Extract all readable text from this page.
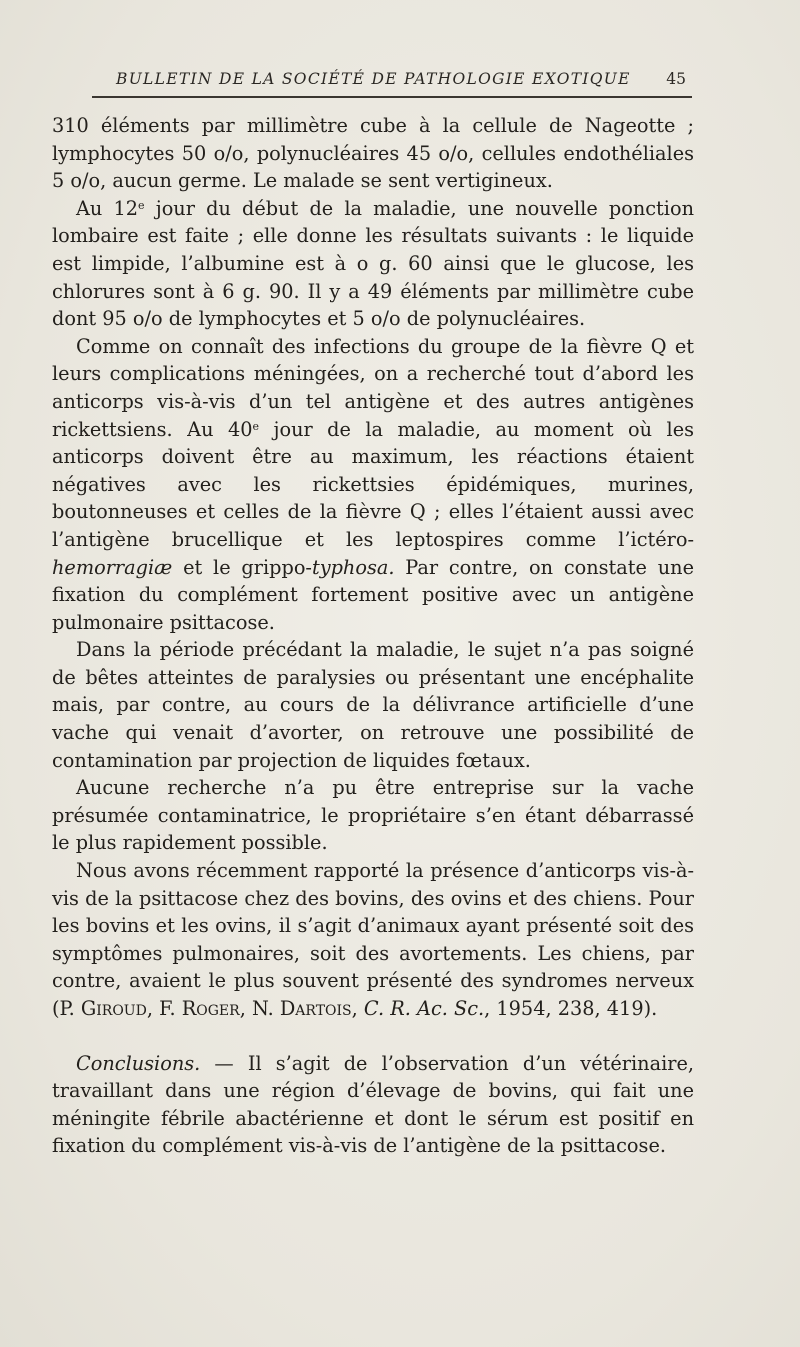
BULLETIN DE LA SOCIÉTÉ DE PATHOLOGIE EXOTIQUE 45

310 éléments par millimètre cube à la cellule de Nageotte ; lymphocytes 50 o/o, polynucléaires 45 o/o, cellules endothéliales 5 o/o, aucun germe. Le malade se sent vertigineux.

Au 12e jour du début de la maladie, une nouvelle ponction lombaire est faite ; elle donne les résultats suivants : le liquide est limpide, l’albumine est à o g. 60 ainsi que le glucose, les chlorures sont à 6 g. 90. Il y a 49 éléments par millimètre cube dont 95 o/o de lymphocytes et 5 o/o de polynucléaires.

Comme on connaît des infections du groupe de la fièvre Q et leurs complications méningées, on a recherché tout d’abord les anticorps vis-à-vis d’un tel antigène et des autres antigènes rickettsiens. Au 40e jour de la maladie, au moment où les anticorps doivent être au maximum, les réactions étaient négatives avec les rickettsies épidémiques, murines, boutonneuses et celles de la fièvre Q ; elles l’étaient aussi avec l’antigène brucellique et les leptospires comme l’ictéro-hemorragiæ et le grippo-typhosa. Par contre, on constate une fixation du complément fortement positive avec un antigène pulmonaire psittacose.

Dans la période précédant la maladie, le sujet n’a pas soigné de bêtes atteintes de paralysies ou présentant une encéphalite mais, par contre, au cours de la délivrance artificielle d’une vache qui venait d’avorter, on retrouve une possibilité de contamination par projection de liquides fœtaux.

Aucune recherche n’a pu être entreprise sur la vache présumée contaminatrice, le propriétaire s’en étant débarrassé le plus rapidement possible.

Nous avons récemment rapporté la présence d’anticorps vis-à-vis de la psittacose chez des bovins, des ovins et des chiens. Pour les bovins et les ovins, il s’agit d’animaux ayant présenté soit des symptômes pulmonaires, soit des avortements. Les chiens, par contre, avaient le plus souvent présenté des syndromes nerveux (P. Giroud, F. Roger, N. Dartois, C. R. Ac. Sc., 1954, 238, 419).

Conclusions. — Il s’agit de l’observation d’un vétérinaire, travaillant dans une région d’élevage de bovins, qui fait une méningite fébrile abactérienne et dont le sérum est positif en fixation du complément vis-à-vis de l’antigène de la psittacose.
